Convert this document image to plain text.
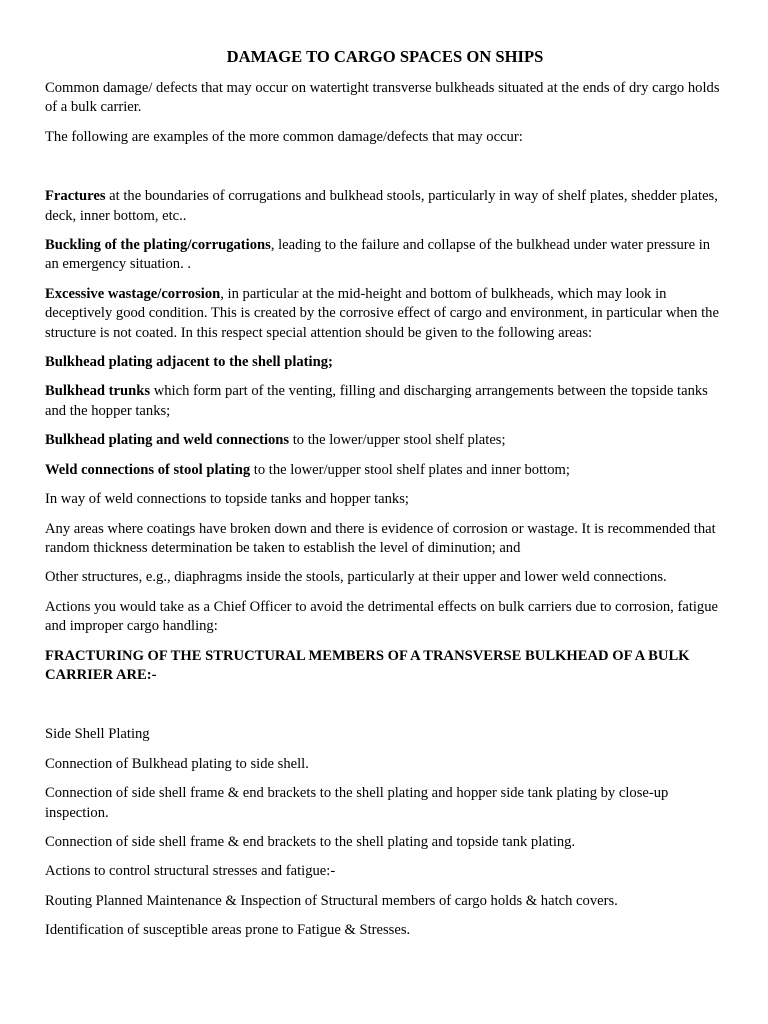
DAMAGE TO CARGO SPACES ON SHIPS

Common damage/ defects that may occur on watertight transverse bulkheads situated at the ends of dry cargo holds of a bulk carrier.

The following are examples of the more common damage/defects that may occur:

Fractures at the boundaries of corrugations and bulkhead stools, particularly in way of shelf plates, shedder plates, deck, inner bottom, etc..

Buckling of the plating/corrugations, leading to the failure and collapse of the bulkhead under water pressure in an emergency situation. .

Excessive wastage/corrosion, in particular at the mid-height and bottom of bulkheads, which may look in deceptively good condition. This is created by the corrosive effect of cargo and environment, in particular when the structure is not coated. In this respect special attention should be given to the following areas:

Bulkhead plating adjacent to the shell plating;

Bulkhead trunks which form part of the venting, filling and discharging arrangements between the topside tanks and the hopper tanks;

Bulkhead plating and weld connections to the lower/upper stool shelf plates;

Weld connections of stool plating to the lower/upper stool shelf plates and inner bottom;

In way of weld connections to topside tanks and hopper tanks;

Any areas where coatings have broken down and there is evidence of corrosion or wastage. It is recommended that random thickness determination be taken to establish the level of diminution; and

Other structures, e.g., diaphragms inside the stools, particularly at their upper and lower weld connections.

Actions you would take as a Chief Officer to avoid the detrimental effects on bulk carriers due to corrosion, fatigue and improper cargo handling:

FRACTURING OF THE STRUCTURAL MEMBERS OF A TRANSVERSE BULKHEAD OF A BULK CARRIER ARE:-

Side Shell Plating

Connection of Bulkhead plating to side shell.

Connection of side shell frame & end brackets to the shell plating and hopper side tank plating by close-up inspection.

Connection of side shell frame & end brackets to the shell plating and topside tank plating.

Actions to control structural stresses and fatigue:-

Routing Planned Maintenance & Inspection of Structural members of cargo holds & hatch covers.

Identification of susceptible areas prone to Fatigue & Stresses.
